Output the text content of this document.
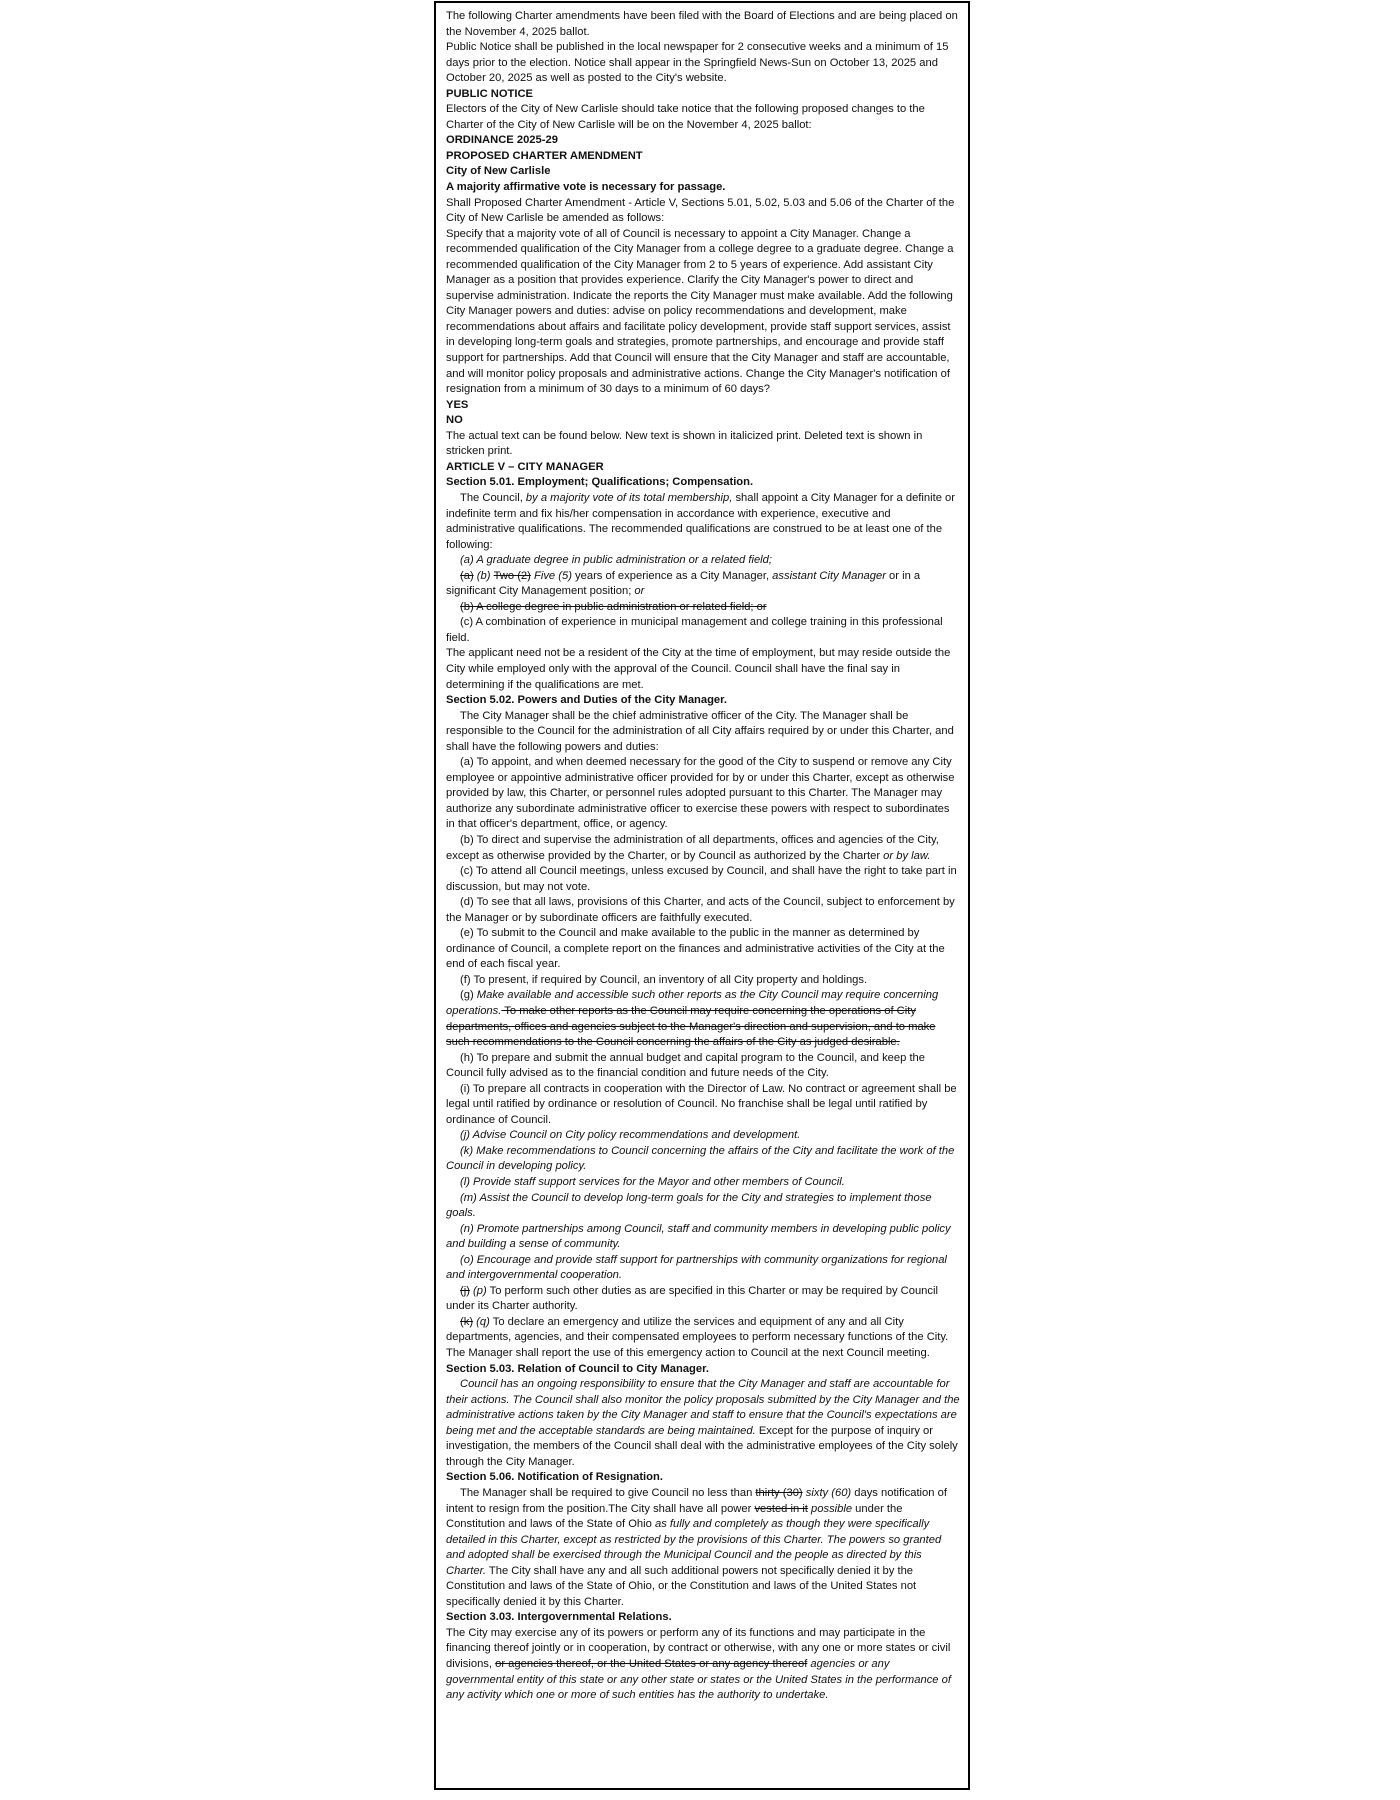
The following Charter amendments have been filed with the Board of Elections and are being placed on the November 4, 2025 ballot.

Public Notice shall be published in the local newspaper for 2 consecutive weeks and a minimum of 15 days prior to the election. Notice shall appear in the Springfield News-Sun on October 13, 2025 and October 20, 2025 as well as posted to the City's website.

PUBLIC NOTICE

Electors of the City of New Carlisle should take notice that the following proposed changes to the Charter of the City of New Carlisle will be on the November 4, 2025 ballot:

ORDINANCE 2025-29

PROPOSED CHARTER AMENDMENT

City of New Carlisle

A majority affirmative vote is necessary for passage.

Shall Proposed Charter Amendment - Article V, Sections 5.01, 5.02, 5.03 and 5.06 of the Charter of the City of New Carlisle be amended as follows:

Specify that a majority vote of all of Council is necessary to appoint a City Manager. Change a recommended qualification of the City Manager from a college degree to a graduate degree. Change a recommended qualification of the City Manager from 2 to 5 years of experience. Add assistant City Manager as a position that provides experience. Clarify the City Manager's power to direct and supervise administration. Indicate the reports the City Manager must make available. Add the following City Manager powers and duties: advise on policy recommendations and development, make recommendations about affairs and facilitate policy development, provide staff support services, assist in developing long-term goals and strategies, promote partnerships, and encourage and provide staff support for partnerships. Add that Council will ensure that the City Manager and staff are accountable, and will monitor policy proposals and administrative actions. Change the City Manager's notification of resignation from a minimum of 30 days to a minimum of 60 days?

YES

NO

The actual text can be found below. New text is shown in italicized print. Deleted text is shown in stricken print.

ARTICLE V – CITY MANAGER

Section 5.01. Employment; Qualifications; Compensation.

The Council, by a majority vote of its total membership, shall appoint a City Manager for a definite or indefinite term and fix his/her compensation in accordance with experience, executive and administrative qualifications. The recommended qualifications are construed to be at least one of the following:

(a) A graduate degree in public administration or a related field;

(a) (b) Two (2) Five (5) years of experience as a City Manager, assistant City Manager or in a significant City Management position; or

(b) A college degree in public administration or related field; or

(c) A combination of experience in municipal management and college training in this professional field.

The applicant need not be a resident of the City at the time of employment, but may reside outside the City while employed only with the approval of the Council. Council shall have the final say in determining if the qualifications are met.

Section 5.02. Powers and Duties of the City Manager.

The City Manager shall be the chief administrative officer of the City. The Manager shall be responsible to the Council for the administration of all City affairs required by or under this Charter, and shall have the following powers and duties:

(a) To appoint, and when deemed necessary for the good of the City to suspend or remove any City employee or appointive administrative officer provided for by or under this Charter, except as otherwise provided by law, this Charter, or personnel rules adopted pursuant to this Charter. The Manager may authorize any subordinate administrative officer to exercise these powers with respect to subordinates in that officer's department, office, or agency.

(b) To direct and supervise the administration of all departments, offices and agencies of the City, except as otherwise provided by the Charter, or by Council as authorized by the Charter or by law.

(c) To attend all Council meetings, unless excused by Council, and shall have the right to take part in discussion, but may not vote.

(d) To see that all laws, provisions of this Charter, and acts of the Council, subject to enforcement by the Manager or by subordinate officers are faithfully executed.

(e) To submit to the Council and make available to the public in the manner as determined by ordinance of Council, a complete report on the finances and administrative activities of the City at the end of each fiscal year.

(f) To present, if required by Council, an inventory of all City property and holdings.

(g) Make available and accessible such other reports as the City Council may require concerning operations. To make other reports as the Council may require concerning the operations of City departments, offices and agencies subject to the Manager's direction and supervision, and to make such recommendations to the Council concerning the affairs of the City as judged desirable.

(h) To prepare and submit the annual budget and capital program to the Council, and keep the Council fully advised as to the financial condition and future needs of the City.

(i) To prepare all contracts in cooperation with the Director of Law. No contract or agreement shall be legal until ratified by ordinance or resolution of Council. No franchise shall be legal until ratified by ordinance of Council.

(j) Advise Council on City policy recommendations and development.

(k) Make recommendations to Council concerning the affairs of the City and facilitate the work of the Council in developing policy.

(l) Provide staff support services for the Mayor and other members of Council.

(m) Assist the Council to develop long-term goals for the City and strategies to implement those goals.

(n) Promote partnerships among Council, staff and community members in developing public policy and building a sense of community.

(o) Encourage and provide staff support for partnerships with community organizations for regional and intergovernmental cooperation.

(j) (p) To perform such other duties as are specified in this Charter or may be required by Council under its Charter authority.

(k) (q) To declare an emergency and utilize the services and equipment of any and all City departments, agencies, and their compensated employees to perform necessary functions of the City. The Manager shall report the use of this emergency action to Council at the next Council meeting.

Section 5.03. Relation of Council to City Manager.

Council has an ongoing responsibility to ensure that the City Manager and staff are accountable for their actions. The Council shall also monitor the policy proposals submitted by the City Manager and the administrative actions taken by the City Manager and staff to ensure that the Council's expectations are being met and the acceptable standards are being maintained. Except for the purpose of inquiry or investigation, the members of the Council shall deal with the administrative employees of the City solely through the City Manager.

Section 5.06. Notification of Resignation.

The Manager shall be required to give Council no less than thirty (30) sixty (60) days notification of intent to resign from the position.The City shall have all power vested in it possible under the Constitution and laws of the State of Ohio as fully and completely as though they were specifically detailed in this Charter, except as restricted by the provisions of this Charter. The powers so granted and adopted shall be exercised through the Municipal Council and the people as directed by this Charter. The City shall have any and all such additional powers not specifically denied it by the Constitution and laws of the State of Ohio, or the Constitution and laws of the United States not specifically denied it by this Charter.

Section 3.03. Intergovernmental Relations.

The City may exercise any of its powers or perform any of its functions and may participate in the financing thereof jointly or in cooperation, by contract or otherwise, with any one or more states or civil divisions, or agencies thereof, or the United States or any agency thereof agencies or any governmental entity of this state or any other state or states or the United States in the performance of any activity which one or more of such entities has the authority to undertake.
